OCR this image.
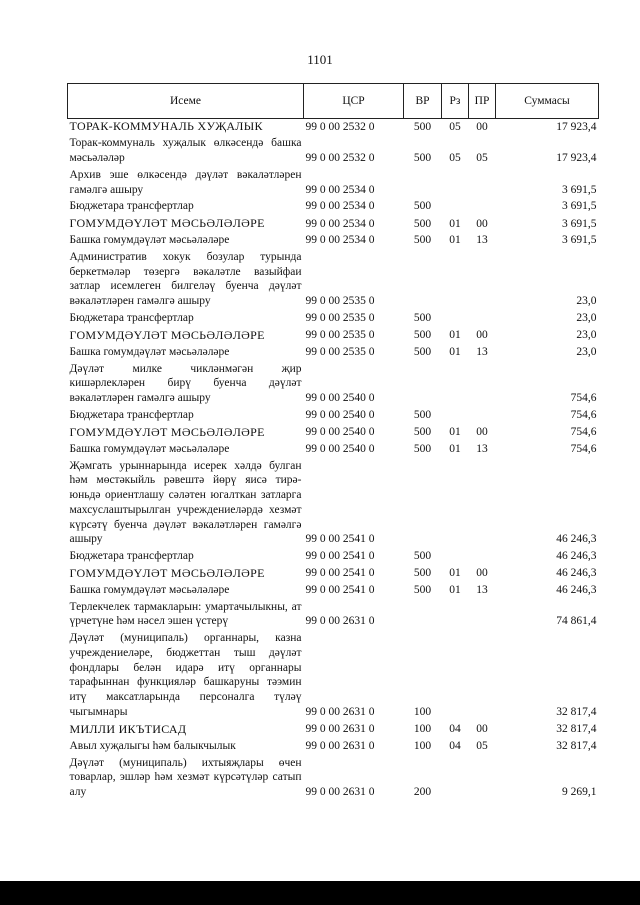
1101
Исеме	ЦСР	ВР	Рз	ПР	Суммасы
ТОРАК-КОММУНАЛЬ ХУҖАЛЫК	99 0 00 2532 0	500	05	00	17 923,4
Торак-коммуналь хуҗалык өлкәсендә башка мәсьәләләр	99 0 00 2532 0	500	05	05	17 923,4
Архив эше өлкәсендә дәүләт вәкаләтләрен гамәлгә ашыру	99 0 00 2534 0				3 691,5
Бюджетара трансфертлар	99 0 00 2534 0	500			3 691,5
ГОМУМДӘҮЛӘТ МӘСЬӘЛӘЛӘРЕ	99 0 00 2534 0	500	01	00	3 691,5
Башка гомумдәүләт мәсьәләләре	99 0 00 2534 0	500	01	13	3 691,5
Административ хокук бозулар турында беркетмәләр төзергә вәкаләтле вазыйфаи затлар исемлеген билгеләү буенча дәүләт вәкаләтләрен гамәлгә ашыру	99 0 00 2535 0				23,0
Бюджетара трансфертлар	99 0 00 2535 0	500			23,0
ГОМУМДӘҮЛӘТ МӘСЬӘЛӘЛӘРЕ	99 0 00 2535 0	500	01	00	23,0
Башка гомумдәүләт мәсьәләләре	99 0 00 2535 0	500	01	13	23,0
Дәүләт милке чикләнмәгән җир кишәрлекләрен бирү буенча дәүләт вәкаләтләрен гамәлгә ашыру	99 0 00 2540 0				754,6
Бюджетара трансфертлар	99 0 00 2540 0	500			754,6
ГОМУМДӘҮЛӘТ МӘСЬӘЛӘЛӘРЕ	99 0 00 2540 0	500	01	00	754,6
Башка гомумдәүләт мәсьәләләре	99 0 00 2540 0	500	01	13	754,6
Җәмгать урыннарында исерек хәлдә булган һәм мөстәкыйль рәвештә йөрү яисә тирә-юньдә ориентлашу сәләтен югалткан затларга махсуслаштырылган учреждениеләрдә хезмәт күрсәтү буенча дәүләт вәкаләтләрен гамәлгә ашыру	99 0 00 2541 0				46 246,3
Бюджетара трансфертлар	99 0 00 2541 0	500			46 246,3
ГОМУМДӘҮЛӘТ МӘСЬӘЛӘЛӘРЕ	99 0 00 2541 0	500	01	00	46 246,3
Башка гомумдәүләт мәсьәләләре	99 0 00 2541 0	500	01	13	46 246,3
Терлекчелек тармакларын: умартачылыкны, ат үрчетүне һәм нәсел эшен үстерү	99 0 00 2631 0				74 861,4
Дәүләт (муниципаль) органнары, казна учреждениеләре, бюджеттан тыш дәүләт фондлары белән идарә итү органнары тарафыннан функцияләр башкаруны тәэмин итү максатларында персоналга түләү чыгымнары	99 0 00 2631 0	100			32 817,4
МИЛЛИ ИКЪТИСАД	99 0 00 2631 0	100	04	00	32 817,4
Авыл хуҗалыгы һәм балыкчылык	99 0 00 2631 0	100	04	05	32 817,4
Дәүләт (муниципаль) ихтыяҗлары өчен товарлар, эшләр һәм хезмәт күрсәтүләр сатып алу	99 0 00 2631 0	200			9 269,1
